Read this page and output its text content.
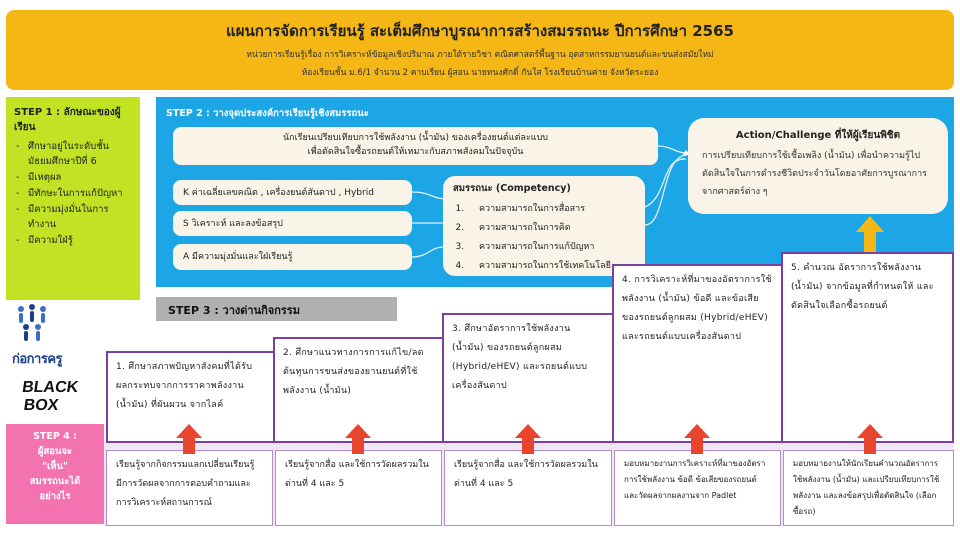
แผนการจัดการเรียนรู้ สะเต็มศึกษาบูรณาการสร้างสมรรถนะ ปีการศึกษา 2565
หน่วยการเรียนรู้เรื่อง การวิเคราะห์ข้อมูลเชิงปริมาณ ภายใต้รายวิชา คณิตศาสตร์พื้นฐาน อุตสาหกรรมยานยนต์และขนส่งสมัยใหม่
ห้องเรียนชั้น ม.6/1 จำนวน 2 คาบเรียน ผู้สอน นายทนงศักดิ์ กันใส โรงเรียนบ้านค่าย จังหวัดระยอง
STEP 1 : ลักษณะของผู้เรียน
- ศึกษาอยู่ในระดับชั้นมัธยมศึกษาปีที่ 6
- มีเหตุผล
- มีทักษะในการแก้ปัญหา
- มีความมุ่งมั่นในการทำงาน
- มีความใฝ่รู้
STEP 2 : วางจุดประสงค์การเรียนรู้เชิงสมรรถนะ
นักเรียนเปรียบเทียบการใช้พลังงาน (น้ำมัน) ของเครื่องยนต์แต่ละแบบ
เพื่อตัดสินใจซื้อรถยนต์ให้เหมาะกับสภาพสังคมในปัจจุบัน
K ค่าเฉลี่ยเลขคณิต , เครื่องยนต์สันดาป , Hybrid
S วิเคราะห์ และลงข้อสรุป
A มีความมุ่งมั่นและใฝ่เรียนรู้
สมรรถนะ (Competency)
1. ความสามารถในการสื่อสาร
2. ความสามารถในการคิด
3. ความสามารถในการแก้ปัญหา
4. ความสามารถในการใช้เทคโนโลยี
Action/Challenge ที่ให้ผู้เรียนพิชิต
การเปรียบเทียบการใช้เชื้อเพลิง (น้ำมัน) เพื่อนำความรู้ไปตัดสินใจในการดำรงชีวิตประจำวันโดยอาศัยการบูรณาการจากศาสตร์ต่าง ๆ
STEP 3 : วางด่านกิจกรรม
ก่อการครู
BLACK
BOX
STEP 4 :
ผู้สอนจะ
"เห็น"
สมรรถนะได้
อย่างไร
1. ศึกษาสภาพปัญหาสังคมที่ได้รับผลกระทบจากการราคาพลังงาน (น้ำมัน) ที่ผันผวน จากไลค์
2. ศึกษาแนวทางการการแก้ไข/ลดต้นทุนการขนส่งของยานยนต์ที่ใช้พลังงาน (น้ำมัน)
3. ศึกษาอัตราการใช้พลังงาน (น้ำมัน) ของรถยนต์ลูกผสม (Hybrid/eHEV) และรถยนต์แบบเครื่องสันดาป
4. การวิเคราะห์ที่มาของอัตราการใช้พลังงาน (น้ำมัน) ข้อดี และข้อเสียของรถยนต์ลูกผสม (Hybrid/eHEV) และรถยนต์แบบเครื่องสันดาป
5. คำนวณ อัตราการใช้พลังงาน (น้ำมัน) จากข้อมูลที่กำหนดให้ และตัดสินใจเลือกซื้อรถยนต์
เรียนรู้จากกิจกรรมแลกเปลี่ยนเรียนรู้ มีการวัดผลจากการตอบคำถามและการวิเคราะห์สถานการณ์
เรียนรู้จากสื่อ และใช้การวัดผลรวมในด่านที่ 4 และ 5
เรียนรู้จากสื่อ และใช้การวัดผลรวมในด่านที่ 4 และ 5
มอบหมายงานการวิเคราะห์ที่มาของอัตราการใช้พลังงาน ข้อดี ข้อเสียของรถยนต์ และวัดผลจากผลงานจาก Padlet
มอบหมายงานให้นักเรียนคำนวณอัตราการใช้พลังงาน (น้ำมัน) และเปรียบเทียบการใช้พลังงาน และลงข้อสรุปเพื่อตัดสินใจ (เลือกซื้อรถ)
